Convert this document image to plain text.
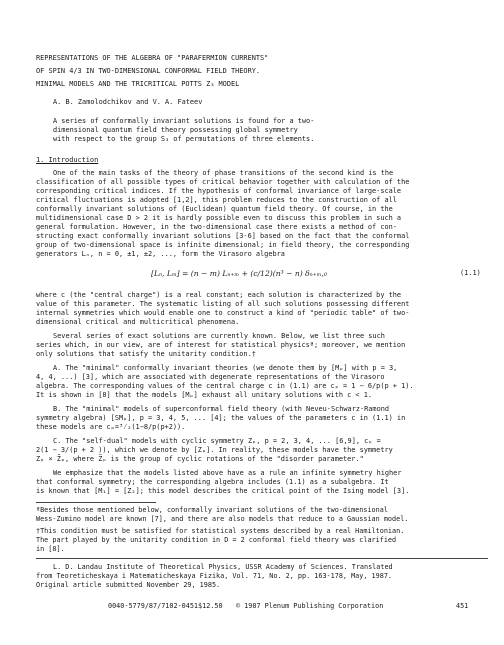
REPRESENTATIONS OF THE ALGEBRA OF "PARAFERMION CURRENTS"
OF SPIN 4/3 IN TWO-DIMENSIONAL CONFORMAL FIELD THEORY.
MINIMAL MODELS AND THE TRICRITICAL POTTS Z₃ MODEL
A. B. Zamolodchikov and V. A. Fateev
A series of conformally invariant solutions is found for a two-
dimensional quantum field theory possessing global symmetry
with respect to the group S₃ of permutations of three elements.
1. Introduction
One of the main tasks of the theory of phase transitions of the second kind is the
classification of all possible types of critical behavior together with calculation of the
corresponding critical indices. If the hypothesis of conformal invariance of large-scale
critical fluctuations is adopted [1,2], this problem reduces to the construction of all
conformally invariant solutions of (Euclidean) quantum field theory. Of course, in the
multidimensional case D > 2 it is hardly possible even to discuss this problem in such a
general formulation. However, in the two-dimensional case there exists a method of con-
structing exact conformally invariant solutions [3-6] based on the fact that the conformal
group of two-dimensional space is infinite dimensional; in field theory, the corresponding
generators Lₙ, n = 0, ±1, ±2, ..., form the Virasoro algebra
[Lₙ, Lₘ] = (n − m) Lₙ₊ₘ + (c/12)(n³ − n) δₙ₊ₘ,₀	(1.1)
where c (the "central charge") is a real constant; each solution is characterized by the
value of this parameter. The systematic listing of all such solutions possessing different
internal symmetries which would enable one to construct a kind of "periodic table" of two-
dimensional critical and multicritical phenomena.
Several series of exact solutions are currently known. Below, we list three such
series which, in our view, are of interest for statistical physicsª; moreover, we mention
only solutions that satisfy the unitarity condition.†
A. The "minimal" conformally invariant theories (we denote them by [Mₚ] with p = 3,
4, 4, ...) [3], which are associated with degenerate representations of the Virasoro
algebra. The corresponding values of the central charge c in (1.1) are cₚ = 1 − 6/p(p + 1).
It is shown in [8] that the models [Mₚ] exhaust all unitary solutions with c < 1.
B. The "minimal" models of superconformal field theory (with Neveu-Schwarz-Ramond
symmetry algebra) [SMₚ], p = 3, 4, 5, ... [4]; the values of the parameters c in (1.1) in
these models are cₚ=³⁄₂(1−8/p(p+2)).
C. The "self-dual" models with cyclic symmetry Zₚ, p = 2, 3, 4, ... [6,9], cₚ =
2(1 − 3/(p + 2 )), which we denote by [Zₚ]. In reality, these models have the symmetry
Zₚ × Z̃ₚ, where Z̃ₚ is the group of cyclic rotations of the "disorder parameter."
We emphasize that the models listed above have as a rule an infinite symmetry higher
that conformal symmetry; the corresponding algebra includes (1.1) as a subalgebra. It
is known that [M₁] = [Z₂]; this model describes the critical point of the Ising model [3].
ªBesides those mentioned below, conformally invariant solutions of the two-dimensional
Wess-Zumino model are known [7], and there are also models that reduce to a Gaussian model.
†This condition must be satisfied for statistical systems described by a real Hamiltonian.
The part played by the unitarity condition in D = 2 conformal field theory was clarified
in [8].
L. D. Landau Institute of Theoretical Physics, USSR Academy of Sciences. Translated
from Teoreticheskaya i Matematicheskaya Fizika, Vol. 71, No. 2, pp. 163-178, May, 1987.
Original article submitted November 29, 1985.
0040-5779/87/7102-0451$12.50 © 1987 Plenum Publishing Corporation	451
